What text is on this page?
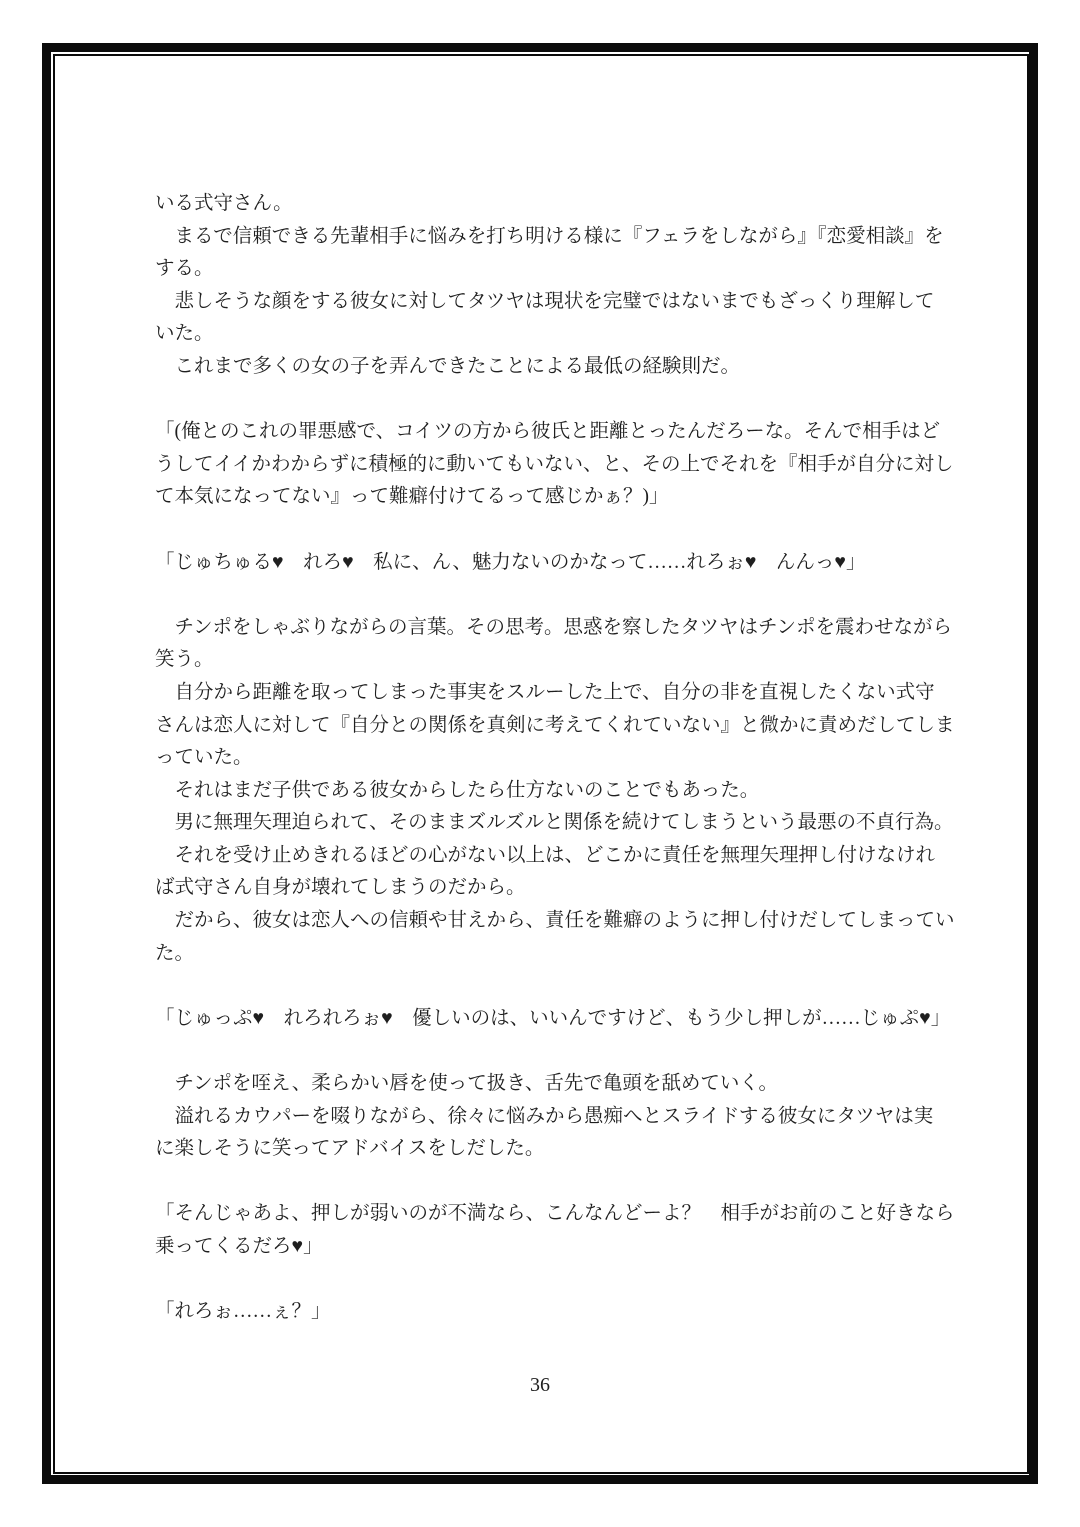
いる式守さん。
　まるで信頼できる先輩相手に悩みを打ち明ける様に『フェラをしながら』『恋愛相談』を
する。
　悲しそうな顔をする彼女に対してタツヤは現状を完璧ではないまでもざっくり理解して
いた。
　これまで多くの女の子を弄んできたことによる最低の経験則だ。
「(俺とのこれの罪悪感で、コイツの方から彼氏と距離とったんだろーな。そんで相手はど
うしてイイかわからずに積極的に動いてもいない、と、その上でそれを『相手が自分に対し
て本気になってない』って難癖付けてるって感じかぁ？)」
「じゅちゅる♥　れろ♥　私に、ん、魅力ないのかなって……れろぉ♥　んんっ♥」
　チンポをしゃぶりながらの言葉。その思考。思惑を察したタツヤはチンポを震わせながら
笑う。
　自分から距離を取ってしまった事実をスルーした上で、自分の非を直視したくない式守
さんは恋人に対して『自分との関係を真剣に考えてくれていない』と微かに責めだしてしま
っていた。
　それはまだ子供である彼女からしたら仕方ないのことでもあった。
　男に無理矢理迫られて、そのままズルズルと関係を続けてしまうという最悪の不貞行為。
　それを受け止めきれるほどの心がない以上は、どこかに責任を無理矢理押し付けなけれ
ば式守さん自身が壊れてしまうのだから。
　だから、彼女は恋人への信頼や甘えから、責任を難癖のように押し付けだしてしまってい
た。
「じゅっぷ♥　れろれろぉ♥　優しいのは、いいんですけど、もう少し押しが……じゅぷ♥」
　チンポを咥え、柔らかい唇を使って扱き、舌先で亀頭を舐めていく。
　溢れるカウパーを啜りながら、徐々に悩みから愚痴へとスライドする彼女にタツヤは実
に楽しそうに笑ってアドバイスをしだした。
「そんじゃあよ、押しが弱いのが不満なら、こんなんどーよ？　相手がお前のこと好きなら
乗ってくるだろ♥」
「れろぉ……ぇ？」
36
